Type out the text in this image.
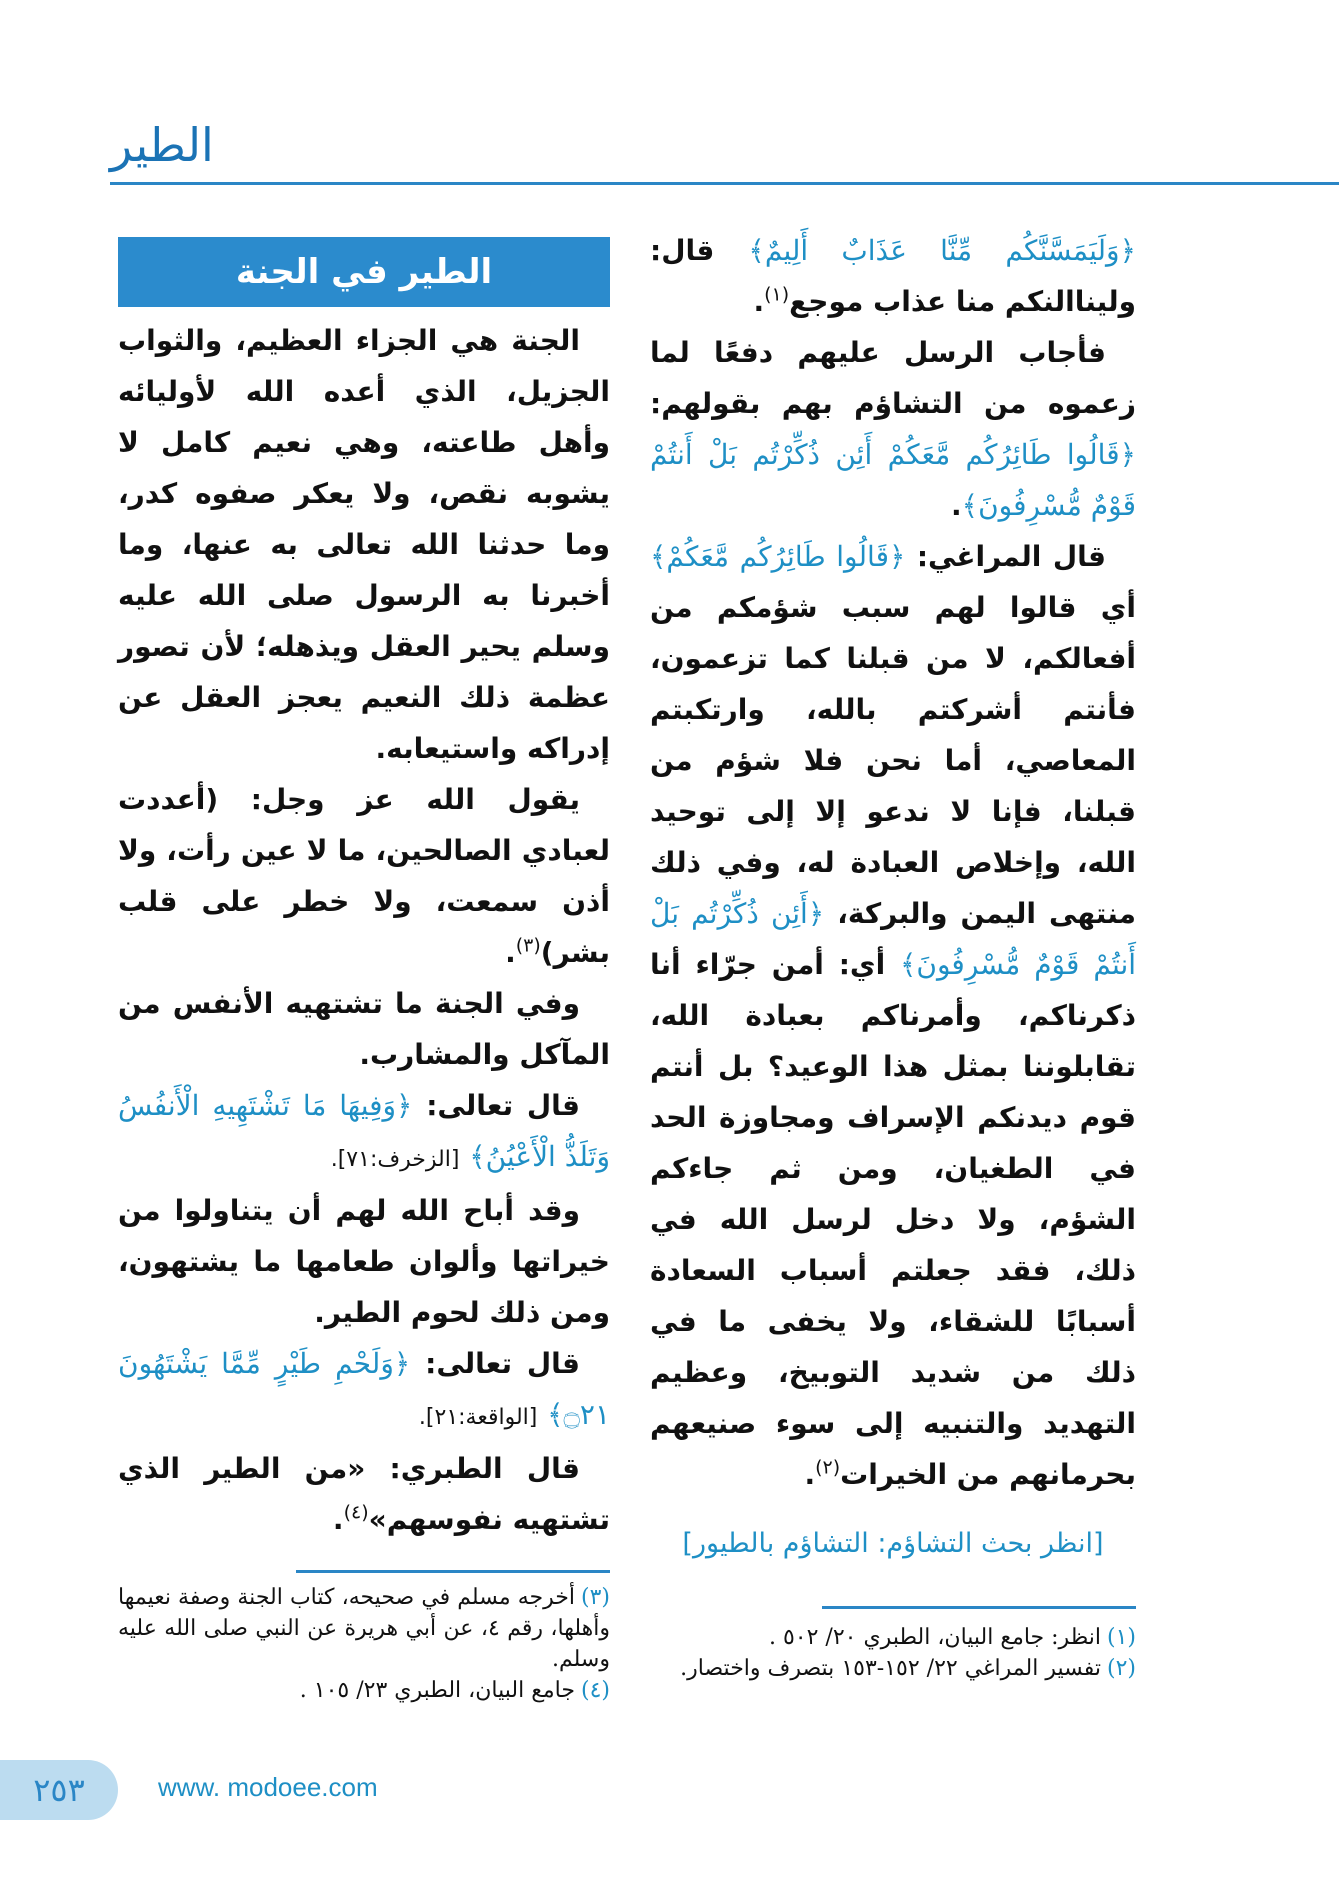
الطير

﴿وَلَيَمَسَّنَّكُم مِّنَّا عَذَابٌ أَلِيمٌ﴾ قال: وليناالنكم منا عذاب موجع$^{(١)}$.

فأجاب الرسل عليهم دفعًا لما زعموه من التشاؤم بهم بقولهم: ﴿قَالُوا طَائِرُكُم مَّعَكُمْ أَئِن ذُكِّرْتُم بَلْ أَنتُمْ قَوْمٌ مُّسْرِفُونَ﴾.

قال المراغي: ﴿قَالُوا طَائِرُكُم مَّعَكُمْ﴾ أي قالوا لهم سبب شؤمكم من أفعالكم، لا من قبلنا كما تزعمون، فأنتم أشركتم بالله، وارتكبتم المعاصي، أما نحن فلا شؤم من قبلنا، فإنا لا ندعو إلا إلى توحيد الله، وإخلاص العبادة له، وفي ذلك منتهى اليمن والبركة، ﴿أَئِن ذُكِّرْتُم بَلْ أَنتُمْ قَوْمٌ مُّسْرِفُونَ﴾ أي: أمن جرّاء أنا ذكرناكم، وأمرناكم بعبادة الله، تقابلوننا بمثل هذا الوعيد؟ بل أنتم قوم ديدنكم الإسراف ومجاوزة الحد في الطغيان، ومن ثم جاءكم الشؤم، ولا دخل لرسل الله في ذلك، فقد جعلتم أسباب السعادة أسبابًا للشقاء، ولا يخفى ما في ذلك من شديد التوبيخ، وعظيم التهديد والتنبيه إلى سوء صنيعهم بحرمانهم من الخيرات$^{(٢)}$.

[انظر بحث التشاؤم: التشاؤم بالطيور]

الطير في الجنة

الجنة هي الجزاء العظيم، والثواب الجزيل، الذي أعده الله لأوليائه وأهل طاعته، وهي نعيم كامل لا يشوبه نقص، ولا يعكر صفوه كدر، وما حدثنا الله تعالى به عنها، وما أخبرنا به الرسول صلى الله عليه وسلم يحير العقل ويذهله؛ لأن تصور عظمة ذلك النعيم يعجز العقل عن إدراكه واستيعابه.

يقول الله عز وجل: (أعددت لعبادي الصالحين، ما لا عين رأت، ولا أذن سمعت، ولا خطر على قلب بشر)$^{(٣)}$.

وفي الجنة ما تشتهيه الأنفس من المآكل والمشارب.

قال تعالى: ﴿وَفِيهَا مَا تَشْتَهِيهِ الْأَنفُسُ وَتَلَذُّ الْأَعْيُنُ﴾ [الزخرف:٧١].

وقد أباح الله لهم أن يتناولوا من خيراتها وألوان طعامها ما يشتهون، ومن ذلك لحوم الطير.

قال تعالى: ﴿وَلَحْمِ طَيْرٍ مِّمَّا يَشْتَهُونَ ۝٢١﴾ [الواقعة:٢١].

قال الطبري: «من الطير الذي تشتهيه نفوسهم»$^{(٤)}$.

(٣)أخرجه مسلم في صحيحه، كتاب الجنة وصفة نعيمها وأهلها، رقم ٤، عن أبي هريرة عن النبي صلى الله عليه وسلم.

(٤)جامع البيان، الطبري ٢٣/ ١٠٥ .

(١)انظر: جامع البيان، الطبري ٢٠/ ٥٠٢ .

(٢)تفسير المراغي ٢٢/ ١٥٢-١٥٣ بتصرف واختصار.

٢٥٣	www. modoee.com
